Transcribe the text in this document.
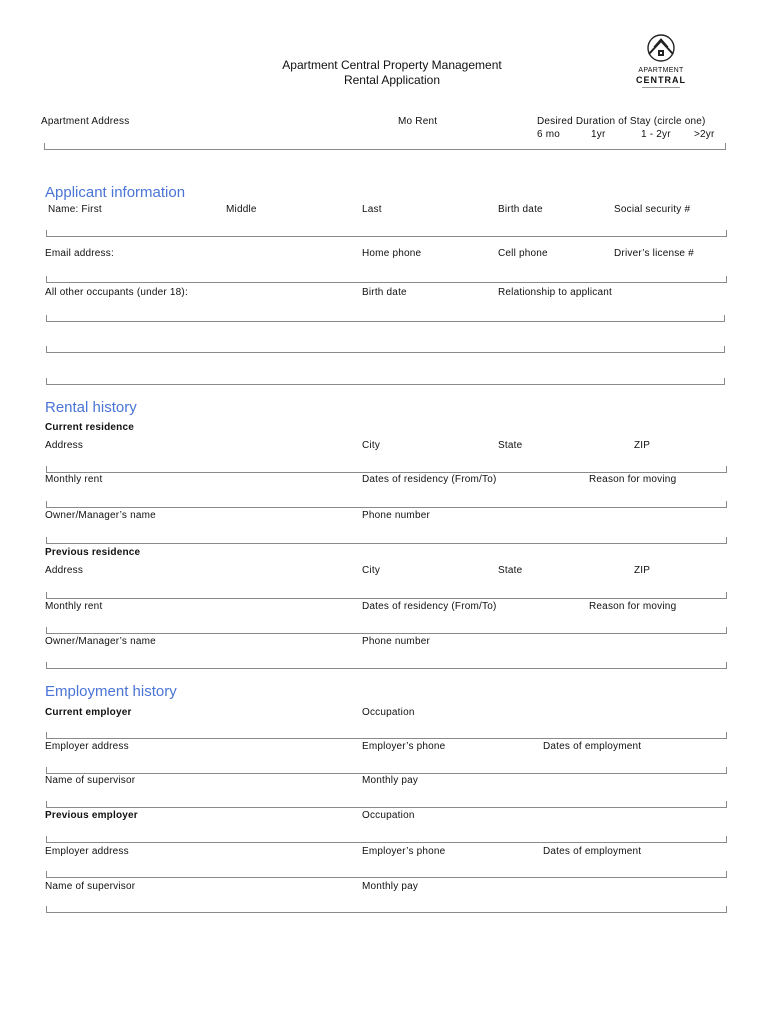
Apartment Central Property Management
Rental Application
APARTMENT
CENTRAL
Apartment Address	Mo Rent	Desired Duration of Stay (circle one)
6 mo	1yr	1 - 2yr >2yr
Applicant information
Name: First	Middle	Last	Birth date	Social security #
Email address:	Home phone	Cell phone	Driver’s license #
All other occupants (under 18):	Birth date	Relationship to applicant
Rental history
Current residence
Address	City	State	ZIP
Monthly rent	Dates of residency (From/To)	Reason for moving
Owner/Manager’s name	Phone number
Previous residence
Address	City	State	ZIP
Monthly rent	Dates of residency (From/To)	Reason for moving
Owner/Manager’s name	Phone number
Employment history
Current employer	Occupation
Employer address	Employer’s phone	Dates of employment
Name of supervisor	Monthly pay
Previous employer	Occupation
Employer address	Employer’s phone	Dates of employment
Name of supervisor	Monthly pay
